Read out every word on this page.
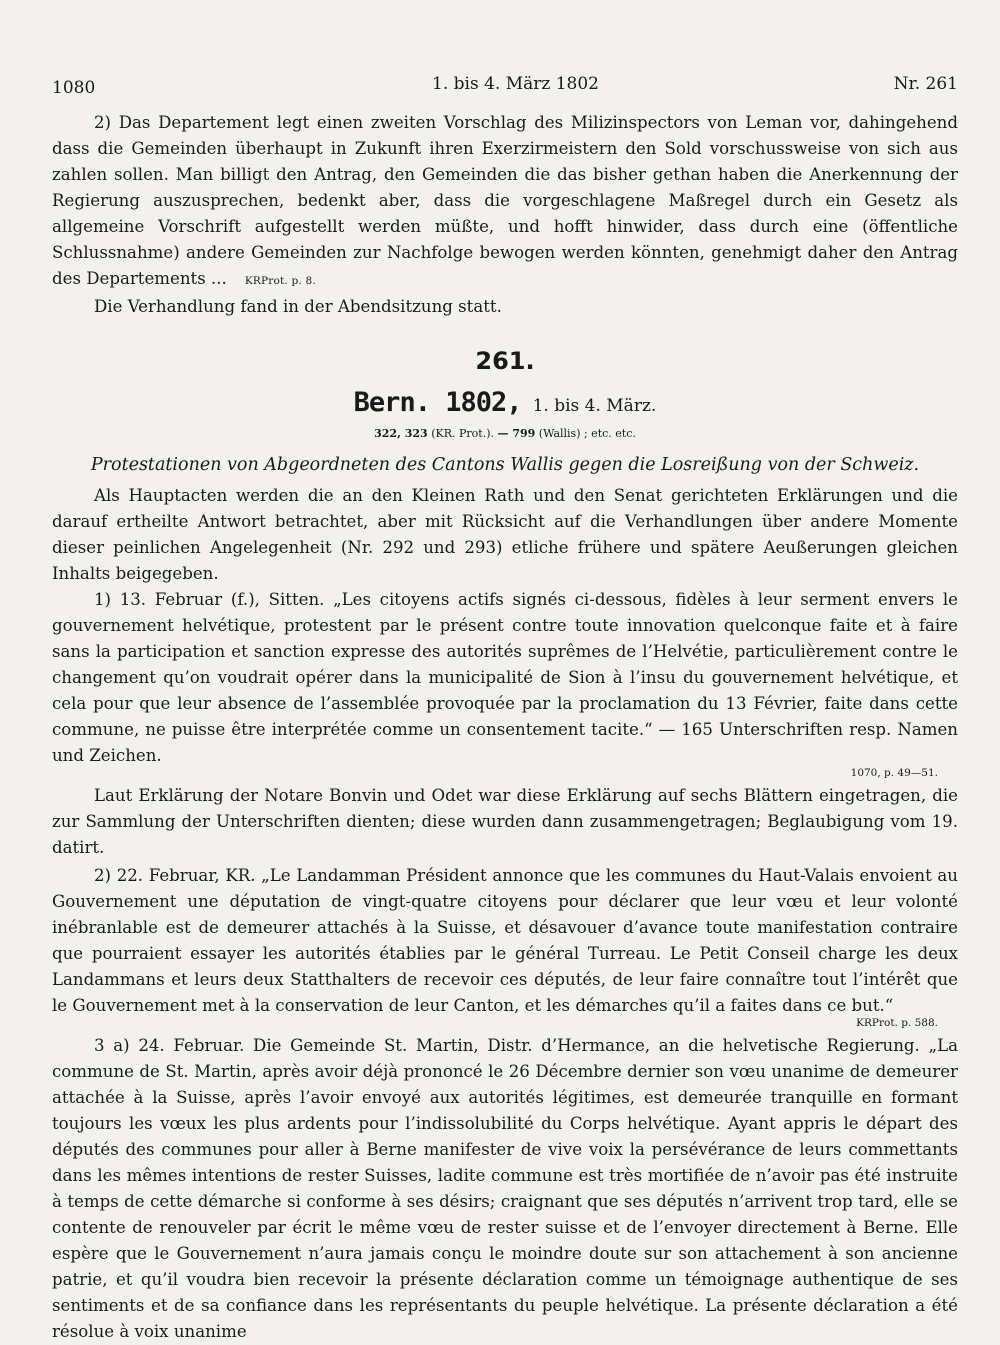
1080	1. bis 4. März 1802	Nr. 261

2) Das Departement legt einen zweiten Vorschlag des Milizinspectors von Leman vor, dahingehend dass die Gemeinden überhaupt in Zukunft ihren Exerzirmeistern den Sold vorschussweise von sich aus zahlen sollen. Man billigt den Antrag, den Gemeinden die das bisher gethan haben die Anerkennung der Regierung auszusprechen, bedenkt aber, dass die vorgeschlagene Maßregel durch ein Gesetz als allgemeine Vorschrift aufgestellt werden müßte, und hofft hinwider, dass durch eine (öffentliche Schlussnahme) andere Gemeinden zur Nachfolge bewogen werden könnten, genehmigt daher den Antrag des Departements ... KRProt. p. 8.

Die Verhandlung fand in der Abendsitzung statt.

261.
Bern. 1802, 1. bis 4. März.
322, 323 (KR. Prot.). — 799 (Wallis) ; etc. etc.
Protestationen von Abgeordneten des Cantons Wallis gegen die Losreißung von der Schweiz.

Als Hauptacten werden die an den Kleinen Rath und den Senat gerichteten Erklärungen und die darauf ertheilte Antwort betrachtet, aber mit Rücksicht auf die Verhandlungen über andere Momente dieser peinlichen Angelegenheit (Nr. 292 und 293) etliche frühere und spätere Aeußerungen gleichen Inhalts beigegeben.

1) 13. Februar (f.), Sitten. „Les citoyens actifs signés ci-dessous, fidèles à leur serment envers le gouvernement helvétique, protestent par le présent contre toute innovation quelconque faite et à faire sans la participation et sanction expresse des autorités suprêmes de l’Helvétie, particulièrement contre le changement qu’on voudrait opérer dans la municipalité de Sion à l’insu du gouvernement helvétique, et cela pour que leur absence de l’assemblée provoquée par la proclamation du 13 Février, faite dans cette commune, ne puisse être interprétée comme un consentement tacite.“ — 165 Unterschriften resp. Namen und Zeichen.

1070, p. 49—51.

Laut Erklärung der Notare Bonvin und Odet war diese Erklärung auf sechs Blättern eingetragen, die zur Sammlung der Unterschriften dienten; diese wurden dann zusammengetragen; Beglaubigung vom 19. datirt.

2) 22. Februar, KR. „Le Landamman Président annonce que les communes du Haut-Valais envoient au Gouvernement une députation de vingt-quatre citoyens pour déclarer que leur vœu et leur volonté inébranlable est de demeurer attachés à la Suisse, et désavouer d’avance toute manifestation contraire que pourraient essayer les autorités établies par le général Turreau. Le Petit Conseil charge les deux Landammans et leurs deux Statthalters de recevoir ces députés, de leur faire connaître tout l’intérêt que le Gouvernement met à la conservation de leur Canton, et les démarches qu’il a faites dans ce but.“

KRProt. p. 588.

3 a) 24. Februar. Die Gemeinde St. Martin, Distr. d’Hermance, an die helvetische Regierung. „La commune de St. Martin, après avoir déjà prononcé le 26 Décembre dernier son vœu unanime de demeurer attachée à la Suisse, après l’avoir envoyé aux autorités légitimes, est demeurée tranquille en formant toujours les vœux les plus ardents pour l’indissolubilité du Corps helvétique. Ayant appris le départ des députés des communes pour aller à Berne manifester de vive voix la persévérance de leurs commettants dans les mêmes intentions de rester Suisses, ladite commune est très mortifiée de n’avoir pas été instruite à temps de cette démarche si conforme à ses désirs; craignant que ses députés n’arrivent trop tard, elle se contente de renouveler par écrit le même vœu de rester suisse et de l’envoyer directement à Berne. Elle espère que le Gouvernement n’aura jamais conçu le moindre doute sur son attachement à son ancienne patrie, et qu’il voudra bien recevoir la présente déclaration comme un témoignage authentique de ses sentiments et de sa confiance dans les représentants du peuple helvétique. La présente déclaration a été résolue à voix unanime
